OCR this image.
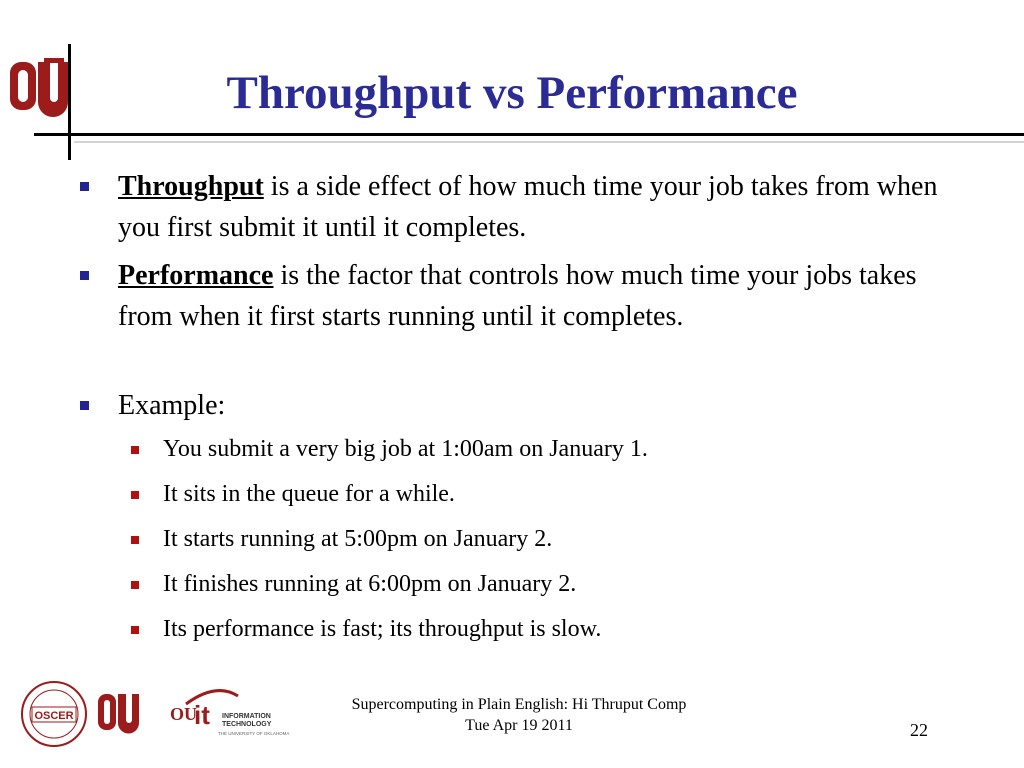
Throughput vs Performance
Throughput is a side effect of how much time your job takes from when you first submit it until it completes.
Performance is the factor that controls how much time your jobs takes from when it first starts running until it completes.
Example:
You submit a very big job at 1:00am on January 1.
It sits in the queue for a while.
It starts running at 5:00pm on January 2.
It finishes running at 6:00pm on January 2.
Its performance is fast; its throughput is slow.
OSCER	OU
it INFORMATION
TECHNOLOGY
THE UNIVERSITY OF OKLAHOMA
Supercomputing in Plain English: Hi Thruput Comp
Tue Apr 19 2011	22
